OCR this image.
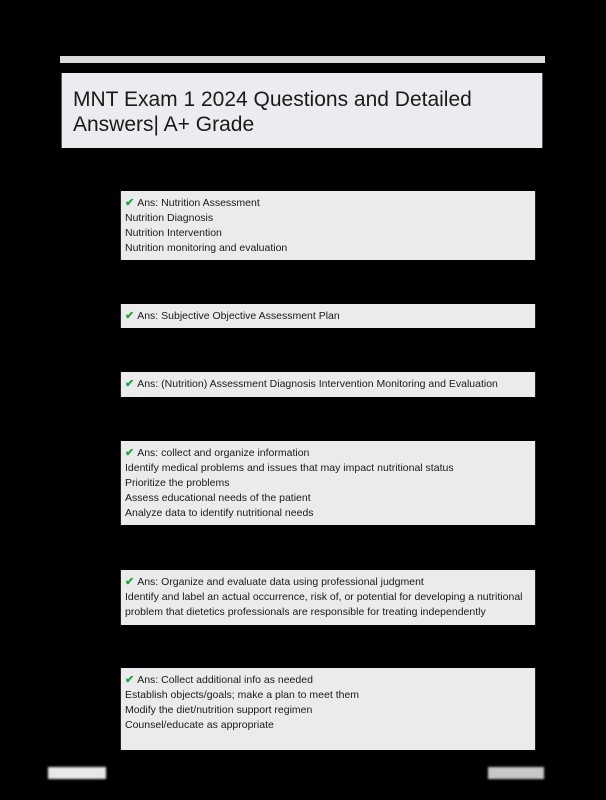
MNT Exam 1 2024 Questions and Detailed Answers| A+ Grade
✔ Ans: Nutrition Assessment
Nutrition Diagnosis
Nutrition Intervention
Nutrition monitoring and evaluation
✔ Ans: Subjective Objective Assessment Plan
✔ Ans: (Nutrition) Assessment Diagnosis Intervention Monitoring and Evaluation
✔ Ans: collect and organize information
Identify medical problems and issues that may impact nutritional status
Prioritize the problems
Assess educational needs of the patient
Analyze data to identify nutritional needs
✔ Ans: Organize and evaluate data using professional judgment
Identify and label an actual occurrence, risk of, or potential for developing a nutritional problem that dietetics professionals are responsible for treating independently
✔ Ans: Collect additional info as needed
Establish objects/goals; make a plan to meet them
Modify the diet/nutrition support regimen
Counsel/educate as appropriate
